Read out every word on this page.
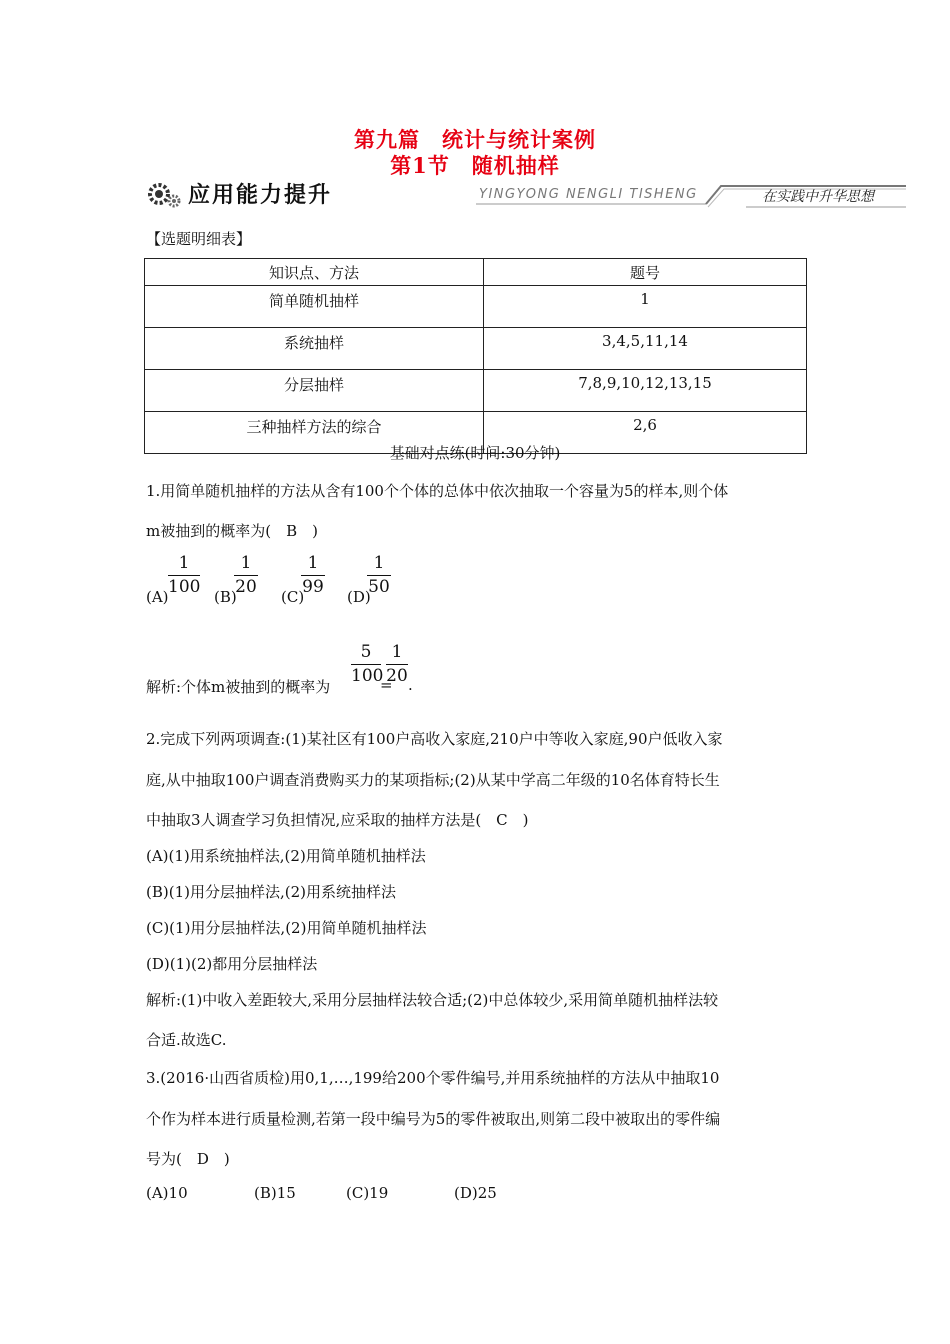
第九篇　统计与统计案例
第1节　随机抽样
应用能力提升	YINGYONG NENGLI TISHENG	在实践中升华思想
【选题明细表】
知识点、方法	题号
简单随机抽样	1
系统抽样	3,4,5,11,14
分层抽样	7,8,9,10,12,13,15
三种抽样方法的综合	2,6
基础对点练(时间:30分钟)
1.用简单随机抽样的方法从含有100个个体的总体中依次抽取一个容量为5的样本,则个体
m被抽到的概率为(　B　)
(A)
1
100 (B)
1
20 (C)
1
99 (D)
1
50
解析:个体m被抽到的概率为
5
100
=
1
20 .
2.完成下列两项调查:(1)某社区有100户高收入家庭,210户中等收入家庭,90户低收入家
庭,从中抽取100户调查消费购买力的某项指标;(2)从某中学高二年级的10名体育特长生
中抽取3人调查学习负担情况,应采取的抽样方法是(　C　)
(A)(1)用系统抽样法,(2)用简单随机抽样法
(B)(1)用分层抽样法,(2)用系统抽样法
(C)(1)用分层抽样法,(2)用简单随机抽样法
(D)(1)(2)都用分层抽样法
解析:(1)中收入差距较大,采用分层抽样法较合适;(2)中总体较少,采用简单随机抽样法较
合适.故选C.
3.(2016·山西省质检)用0,1,…,199给200个零件编号,并用系统抽样的方法从中抽取10
个作为样本进行质量检测,若第一段中编号为5的零件被取出,则第二段中被取出的零件编
号为(　D　)
(A)10	(B)15	(C)19	(D)25
